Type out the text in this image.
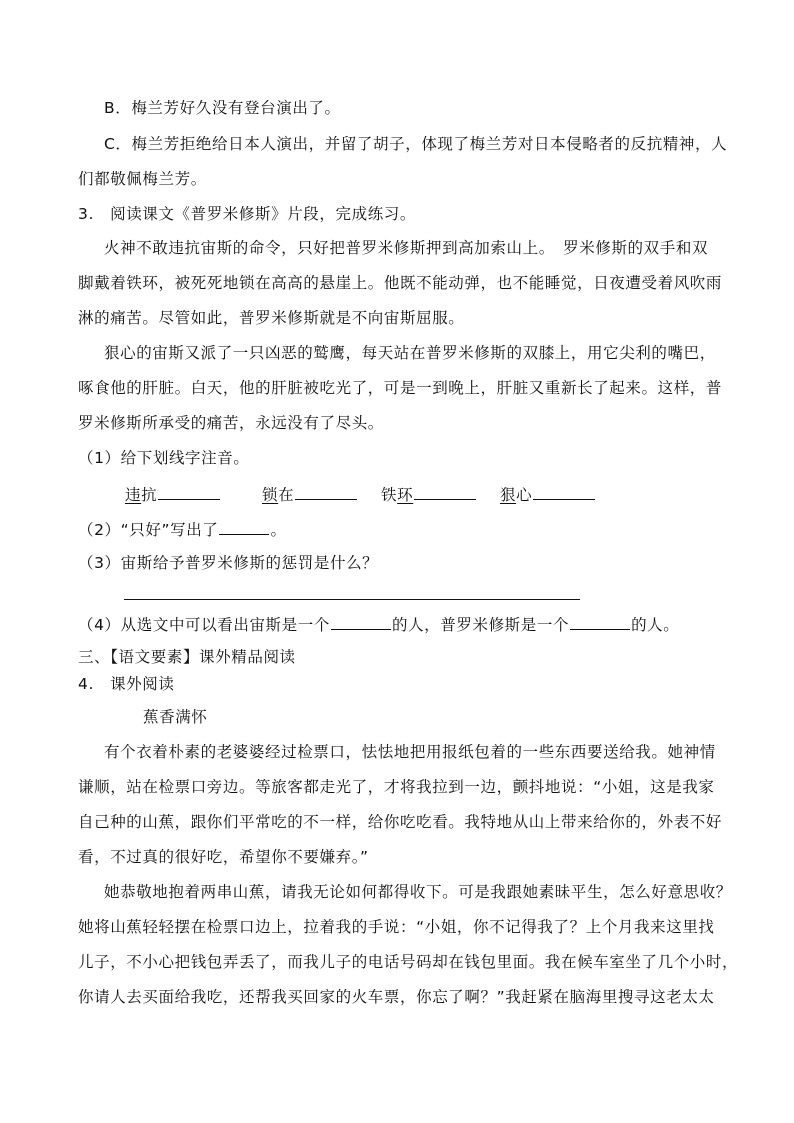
B．梅兰芳好久没有登台演出了。
C．梅兰芳拒绝给日本人演出，并留了胡子，体现了梅兰芳对日本侵略者的反抗精神，人
们都敬佩梅兰芳。
3.　阅读课文《普罗米修斯》片段，完成练习。
火神不敢违抗宙斯的命令，只好把普罗米修斯押到高加索山上。　罗米修斯的双手和双
脚戴着铁环，被死死地锁在高高的悬崖上。他既不能动弹，也不能睡觉，日夜遭受着风吹雨
淋的痛苦。尽管如此，普罗米修斯就是不向宙斯屈服。
狠心的宙斯又派了一只凶恶的鹫鹰，每天站在普罗米修斯的双膝上，用它尖利的嘴巴，
啄食他的肝脏。白天，他的肝脏被吃光了，可是一到晚上，肝脏又重新长了起来。这样，普
罗米修斯所承受的痛苦，永远没有了尽头。
（1）给下划线字注音。
违抗	锁在	铁环	狠心
（2）“只好”写出了	。
（3）宙斯给予普罗米修斯的惩罚是什么？
（4）从选文中可以看出宙斯是一个	的人，普罗米修斯是一个	的人。
三、【语文要素】课外精品阅读
4.　课外阅读
蕉香满怀
有个衣着朴素的老婆婆经过检票口，怯怯地把用报纸包着的一些东西要送给我。她神情
谦顺，站在检票口旁边。等旅客都走光了，才将我拉到一边，颤抖地说：“小姐，这是我家
自己种的山蕉，跟你们平常吃的不一样，给你吃吃看。我特地从山上带来给你的，外表不好
看，不过真的很好吃，希望你不要嫌弃。”
她恭敬地抱着两串山蕉，请我无论如何都得收下。可是我跟她素昧平生，怎么好意思收？
她将山蕉轻轻摆在检票口边上，拉着我的手说：“小姐，你不记得我了？上个月我来这里找
儿子，不小心把钱包弄丢了，而我儿子的电话号码却在钱包里面。我在候车室坐了几个小时，
你请人去买面给我吃，还帮我买回家的火车票，你忘了啊？”我赶紧在脑海里搜寻这老太太
